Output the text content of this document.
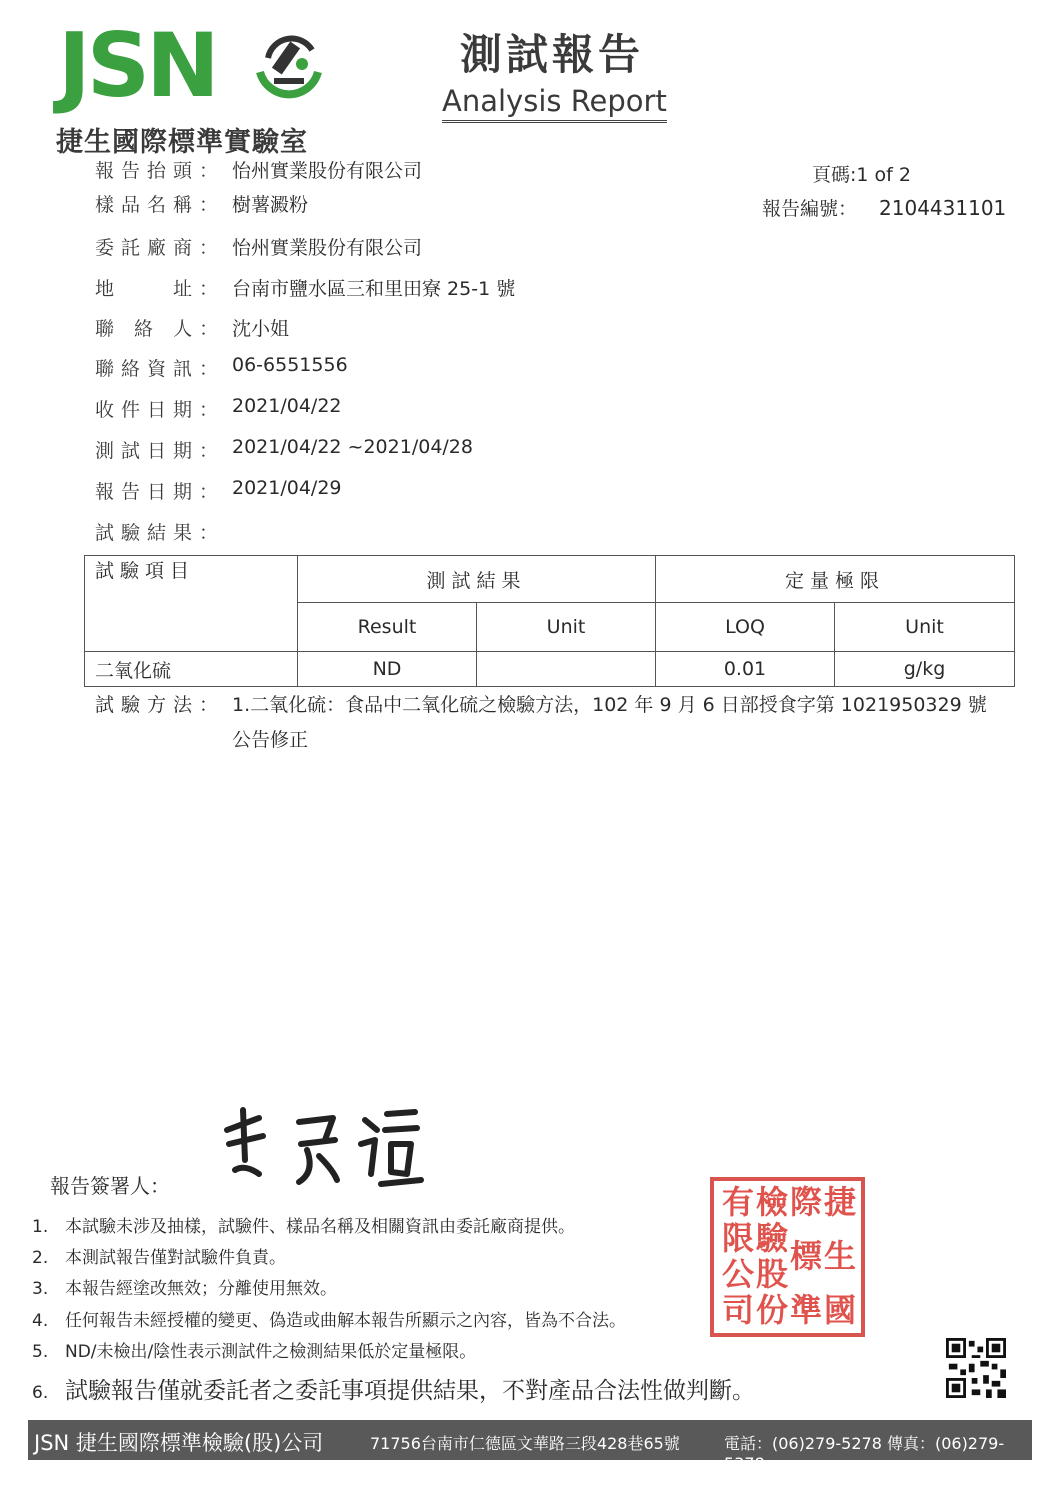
JSN
捷生國際標準實驗室
測試報告
Analysis Report
頁碼:1 of 2
報告編號： 2104431101
報告抬頭： 怡州實業股份有限公司
樣品名稱： 樹薯澱粉
委託廠商： 怡州實業股份有限公司
地　　址： 台南市鹽水區三和里田寮 25-1 號
聯 絡 人： 沈小姐
聯絡資訊： 06-6551556
收件日期： 2021/04/22
測試日期： 2021/04/22 ~2021/04/28
報告日期： 2021/04/29
試驗結果：
試驗項目	測試結果		定量極限	
	Result	Unit	LOQ	Unit
二氧化硫	ND		0.01	g/kg
試驗方法： 1.二氧化硫：食品中二氧化硫之檢驗方法，102 年 9 月 6 日部授食字第 1021950329 號
公告修正
報告簽署人：
1. 本試驗未涉及抽樣，試驗件、樣品名稱及相關資訊由委託廠商提供。
2. 本測試報告僅對試驗件負責。
3. 本報告經塗改無效；分離使用無效。
4. 任何報告未經授權的變更、偽造或曲解本報告所顯示之內容，皆為不合法。
5. ND/未檢出/陰性表示測試件之檢測結果低於定量極限。
6. 試驗報告僅就委託者之委託事項提供結果，不對產品合法性做判斷。
有 檢 際 捷
限 驗 標 生
公 股
司 份 準 國
JSN 捷生國際標準檢驗(股)公司	71756台南市仁德區文華路三段428巷65號	電話：(06)279-5278 傳真：(06)279-5378
